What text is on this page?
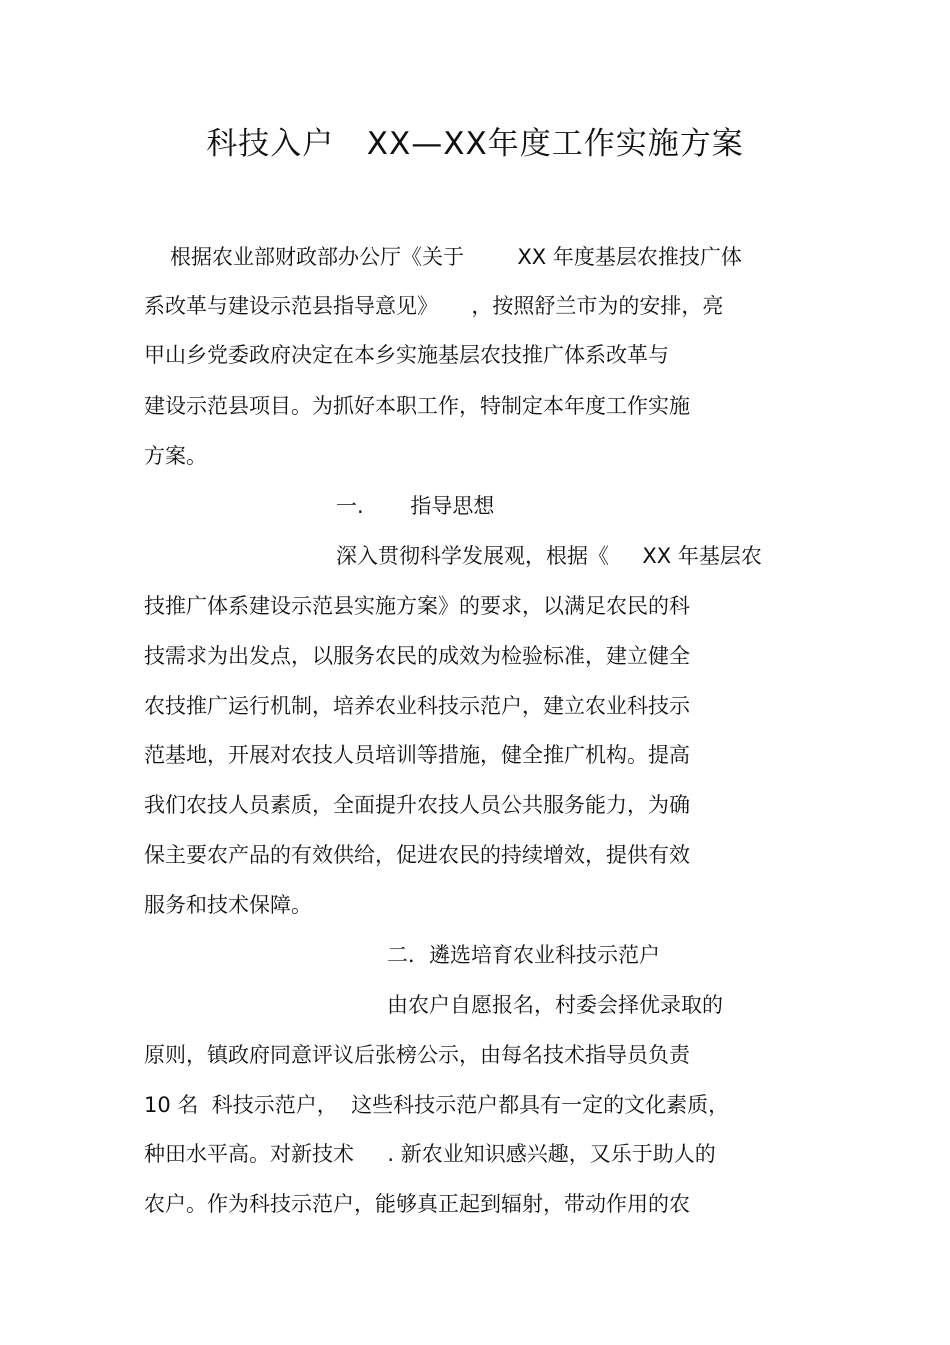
科技入户   XX—XX年度工作实施方案
根据农业部财政部办公厅《关于        XX 年度基层农推技广体
系改革与建设示范县指导意见》     ，按照舒兰市为的安排，亮
甲山乡党委政府决定在本乡实施基层农技推广体系改革与
建设示范县项目。为抓好本职工作，特制定本年度工作实施
方案。
一.       指导思想
深入贯彻科学发展观，根据《     XX 年基层农
技推广体系建设示范县实施方案》的要求，以满足农民的科
技需求为出发点，以服务农民的成效为检验标准，建立健全
农技推广运行机制，培养农业科技示范户，建立农业科技示
范基地，开展对农技人员培训等措施，健全推广机构。提高
我们农技人员素质，全面提升农技人员公共服务能力，为确
保主要农产品的有效供给，促进农民的持续增效，提供有效
服务和技术保障。
二．遴选培育农业科技示范户
由农户自愿报名，村委会择优录取的
原则，镇政府同意评议后张榜公示，由每名技术指导员负责
10 名  科技示范户，  这些科技示范户都具有一定的文化素质，
种田水平高。对新技术     . 新农业知识感兴趣，又乐于助人的
农户。作为科技示范户，能够真正起到辐射，带动作用的农
